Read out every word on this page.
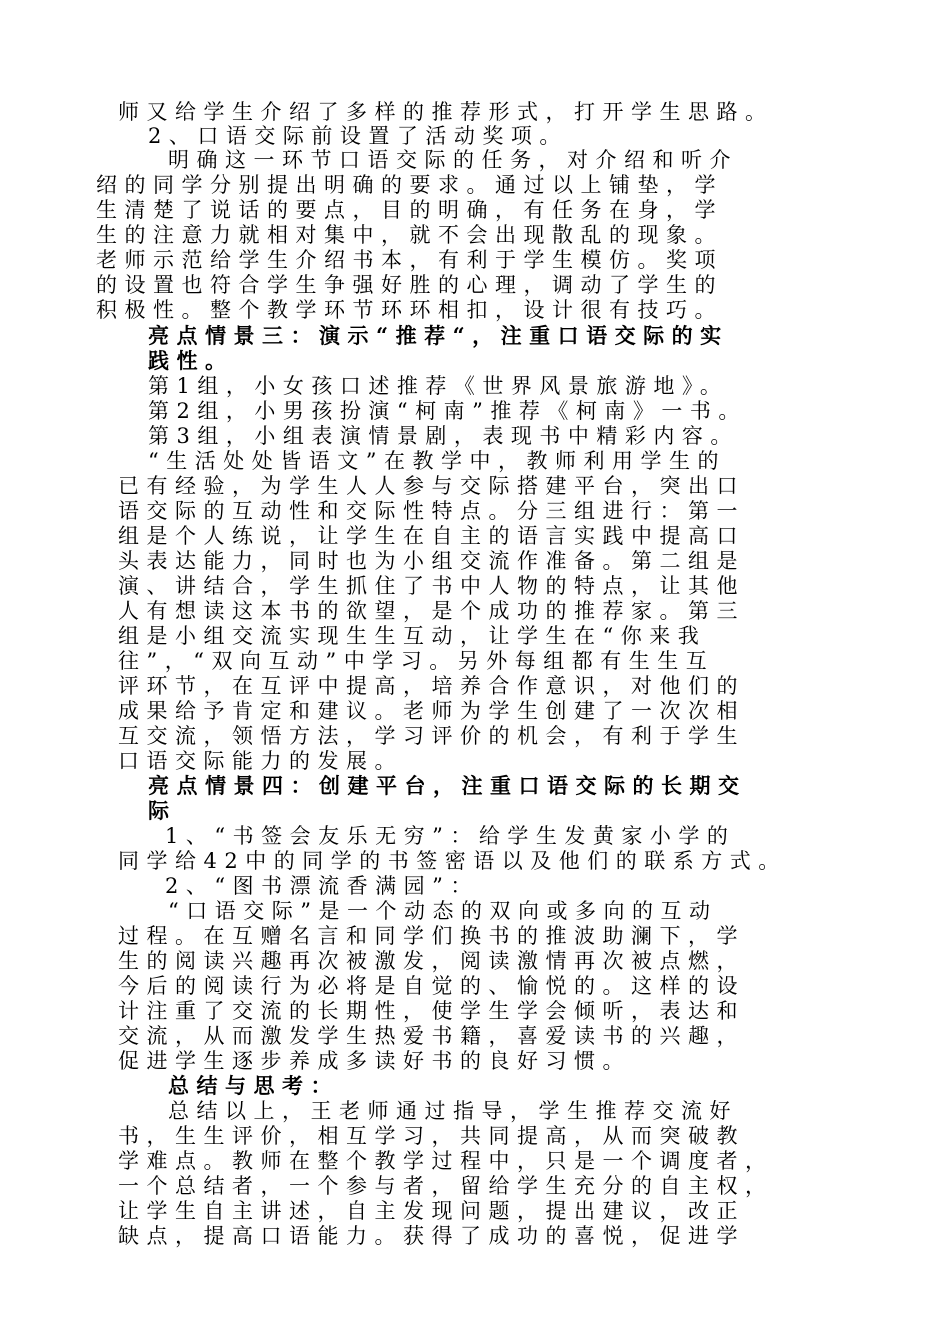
师又给学生介绍了多样的推荐形式，打开学生思路。

2、口语交际前设置了活动奖项。

明确这一环节口语交际的任务，对介绍和听介

绍的同学分别提出明确的要求。通过以上铺垫，学

生清楚了说话的要点，目的明确，有任务在身，学

生的注意力就相对集中，就不会出现散乱的现象。

老师示范给学生介绍书本，有利于学生模仿。奖项

的设置也符合学生争强好胜的心理，调动了学生的

积极性。整个教学环节环环相扣，设计很有技巧。

亮点情景三：演示“推荐“，注重口语交际的实

践性。

第1组，小女孩口述推荐《世界风景旅游地》。

第2组，小男孩扮演“柯南”推荐《柯南》一书。

第3组，小组表演情景剧，表现书中精彩内容。

“生活处处皆语文”在教学中，教师利用学生的

已有经验，为学生人人参与交际搭建平台，突出口

语交际的互动性和交际性特点。分三组进行：第一

组是个人练说，让学生在自主的语言实践中提高口

头表达能力，同时也为小组交流作准备。第二组是

演、讲结合，学生抓住了书中人物的特点，让其他

人有想读这本书的欲望，是个成功的推荐家。第三

组是小组交流实现生生互动，让学生在“你来我

往”，“双向互动”中学习。另外每组都有生生互

评环节，在互评中提高，培养合作意识，对他们的

成果给予肯定和建议。老师为学生创建了一次次相

互交流，领悟方法，学习评价的机会，有利于学生

口语交际能力的发展。

亮点情景四：创建平台，注重口语交际的长期交

际

1、“书签会友乐无穷”：给学生发黄家小学的

同学给42中的同学的书签密语以及他们的联系方式。

2、“图书漂流香满园”：

“口语交际”是一个动态的双向或多向的互动

过程。在互赠名言和同学们换书的推波助澜下，学

生的阅读兴趣再次被激发，阅读激情再次被点燃，

今后的阅读行为必将是自觉的、愉悦的。这样的设

计注重了交流的长期性，使学生学会倾听，表达和

交流，从而激发学生热爱书籍，喜爱读书的兴趣，

促进学生逐步养成多读好书的良好习惯。

总结与思考：

总结以上，王老师通过指导，学生推荐交流好

书，生生评价，相互学习，共同提高，从而突破教

学难点。教师在整个教学过程中，只是一个调度者，

一个总结者，一个参与者，留给学生充分的自主权，

让学生自主讲述，自主发现问题，提出建议，改正

缺点，提高口语能力。获得了成功的喜悦，促进学
